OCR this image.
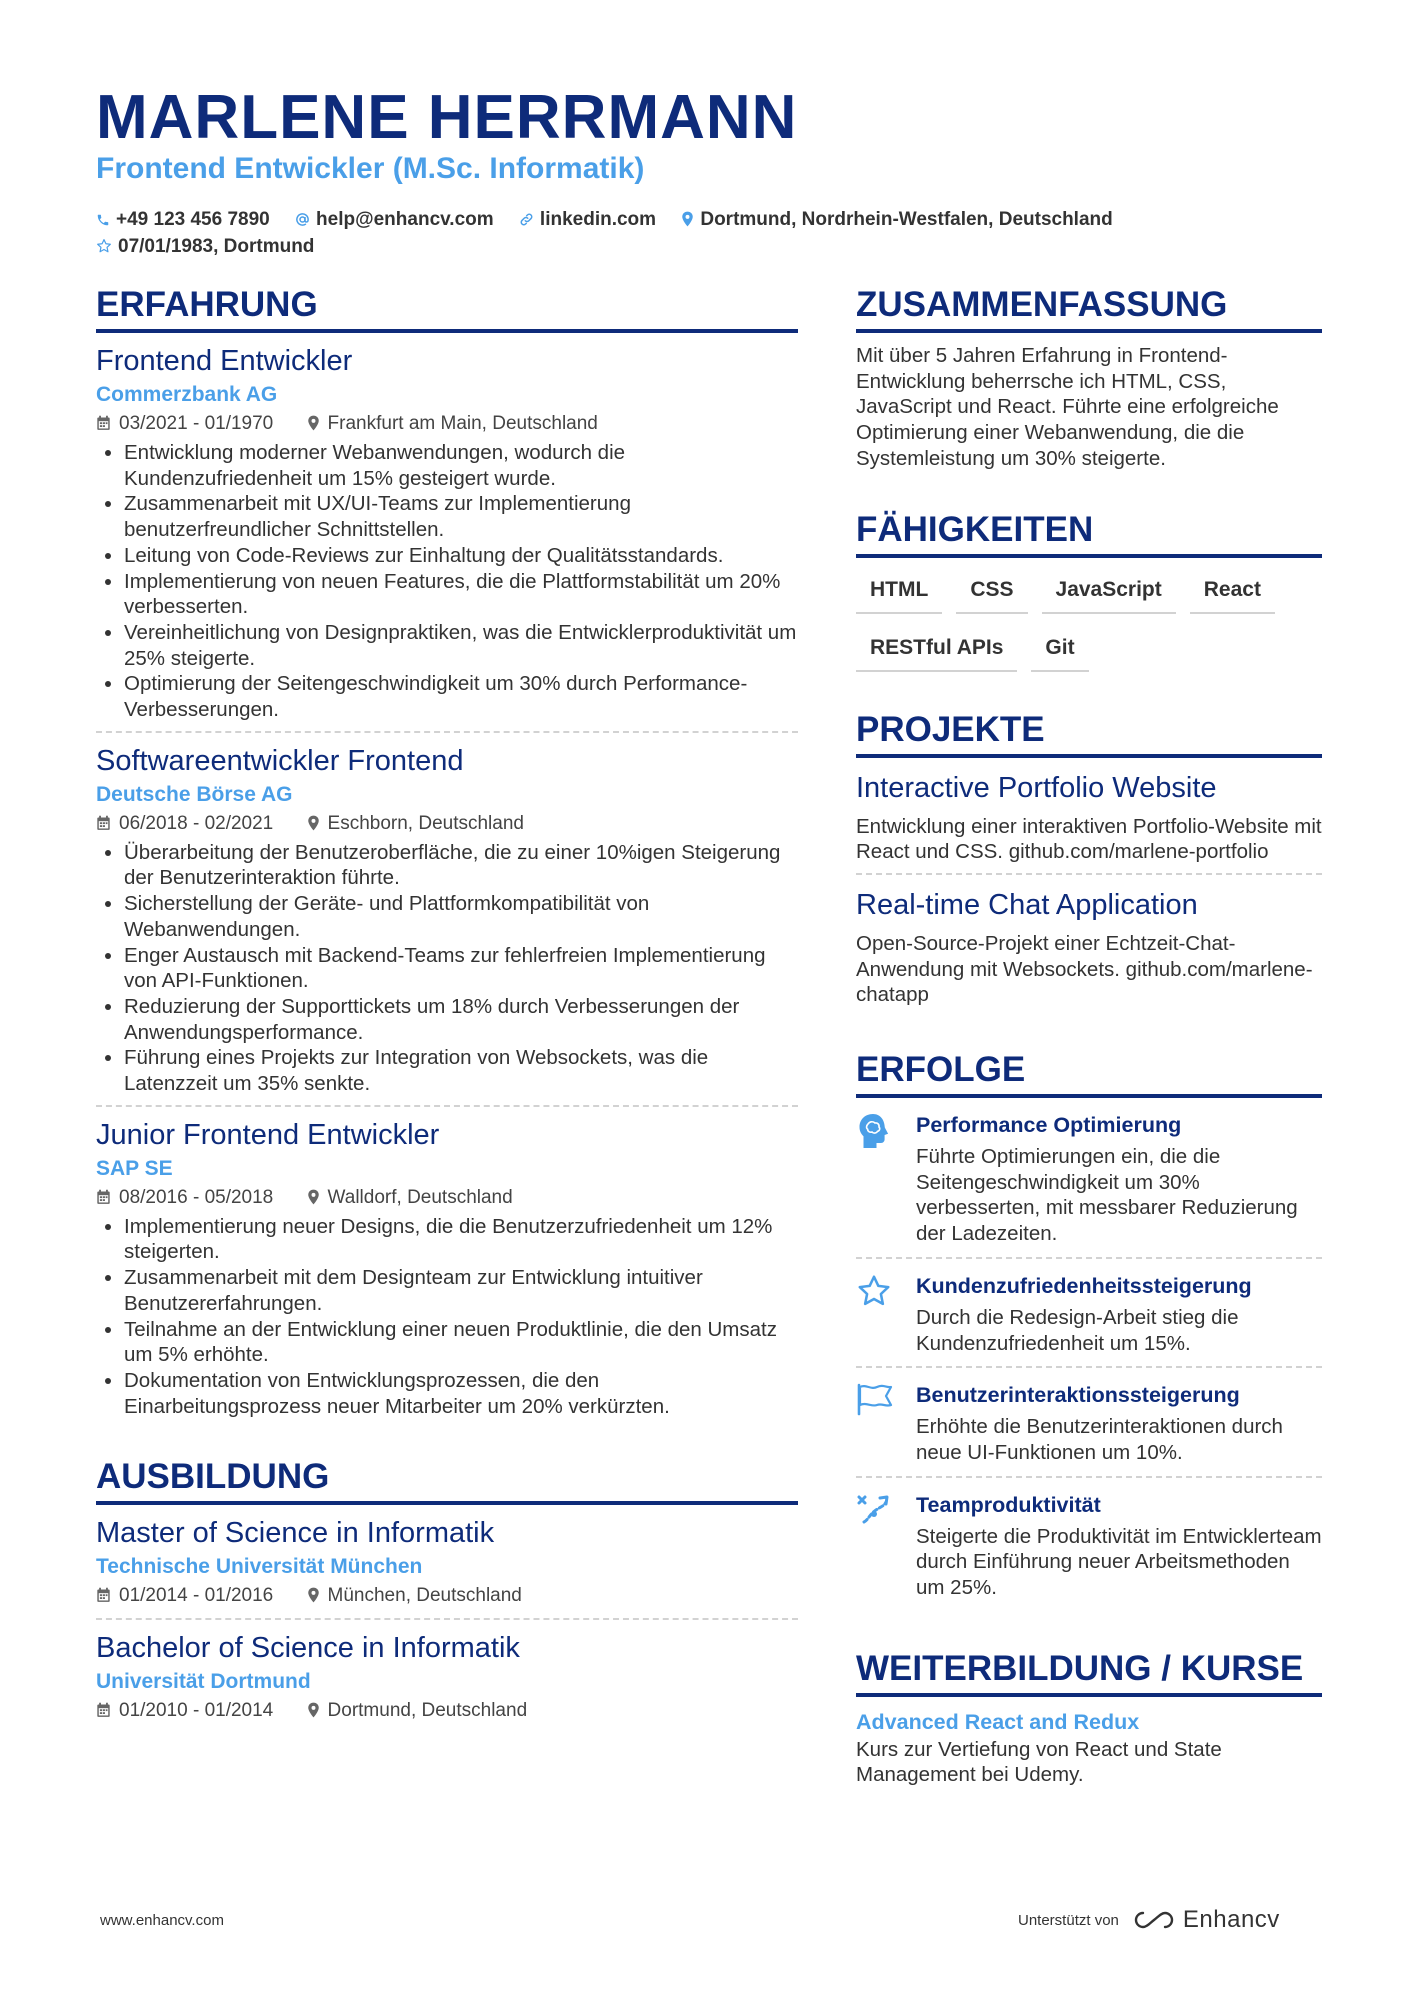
MARLENE HERRMANN
Frontend Entwickler (M.Sc. Informatik)
+49 123 456 7890 help@enhancv.com linkedin.com Dortmund, Nordrhein-Westfalen, Deutschland
07/01/1983, Dortmund
ERFAHRUNG
Frontend Entwickler
Commerzbank AG
03/2021 - 01/1970	Frankfurt am Main, Deutschland
• Entwicklung moderner Webanwendungen, wodurch die Kundenzufriedenheit um 15% gesteigert wurde.
• Zusammenarbeit mit UX/UI-Teams zur Implementierung benutzerfreundlicher Schnittstellen.
• Leitung von Code-Reviews zur Einhaltung der Qualitätsstandards.
• Implementierung von neuen Features, die die Plattformstabilität um 20% verbesserten.
• Vereinheitlichung von Designpraktiken, was die Entwicklerproduktivität um 25% steigerte.
• Optimierung der Seitengeschwindigkeit um 30% durch Performance-Verbesserungen.
Softwareentwickler Frontend
Deutsche Börse AG
06/2018 - 02/2021	Eschborn, Deutschland
• Überarbeitung der Benutzeroberfläche, die zu einer 10%igen Steigerung der Benutzerinteraktion führte.
• Sicherstellung der Geräte- und Plattformkompatibilität von Webanwendungen.
• Enger Austausch mit Backend-Teams zur fehlerfreien Implementierung von API-Funktionen.
• Reduzierung der Supporttickets um 18% durch Verbesserungen der Anwendungsperformance.
• Führung eines Projekts zur Integration von Websockets, was die Latenzzeit um 35% senkte.
Junior Frontend Entwickler
SAP SE
08/2016 - 05/2018	Walldorf, Deutschland
• Implementierung neuer Designs, die die Benutzerzufriedenheit um 12% steigerten.
• Zusammenarbeit mit dem Designteam zur Entwicklung intuitiver Benutzererfahrungen.
• Teilnahme an der Entwicklung einer neuen Produktlinie, die den Umsatz um 5% erhöhte.
• Dokumentation von Entwicklungsprozessen, die den Einarbeitungsprozess neuer Mitarbeiter um 20% verkürzten.
AUSBILDUNG
Master of Science in Informatik
Technische Universität München
01/2014 - 01/2016	München, Deutschland
Bachelor of Science in Informatik
Universität Dortmund
01/2010 - 01/2014	Dortmund, Deutschland
ZUSAMMENFASSUNG
Mit über 5 Jahren Erfahrung in Frontend-Entwicklung beherrsche ich HTML, CSS, JavaScript und React. Führte eine erfolgreiche Optimierung einer Webanwendung, die die Systemleistung um 30% steigerte.
FÄHIGKEITEN
HTML	CSS	JavaScript	React
RESTful APIs	Git
PROJEKTE
Interactive Portfolio Website
Entwicklung einer interaktiven Portfolio-Website mit React und CSS. github.com/marlene-portfolio
Real-time Chat Application
Open-Source-Projekt einer Echtzeit-Chat-Anwendung mit Websockets. github.com/marlene-chatapp
ERFOLGE
Performance Optimierung
Führte Optimierungen ein, die die Seitengeschwindigkeit um 30% verbesserten, mit messbarer Reduzierung der Ladezeiten.
Kundenzufriedenheitssteigerung
Durch die Redesign-Arbeit stieg die Kundenzufriedenheit um 15%.
Benutzerinteraktionssteigerung
Erhöhte die Benutzerinteraktionen durch neue UI-Funktionen um 10%.
Teamproduktivität
Steigerte die Produktivität im Entwicklerteam durch Einführung neuer Arbeitsmethoden um 25%.
WEITERBILDUNG / KURSE
Advanced React and Redux
Kurs zur Vertiefung von React und State Management bei Udemy.
www.enhancv.com	Unterstützt von	Enhancv
